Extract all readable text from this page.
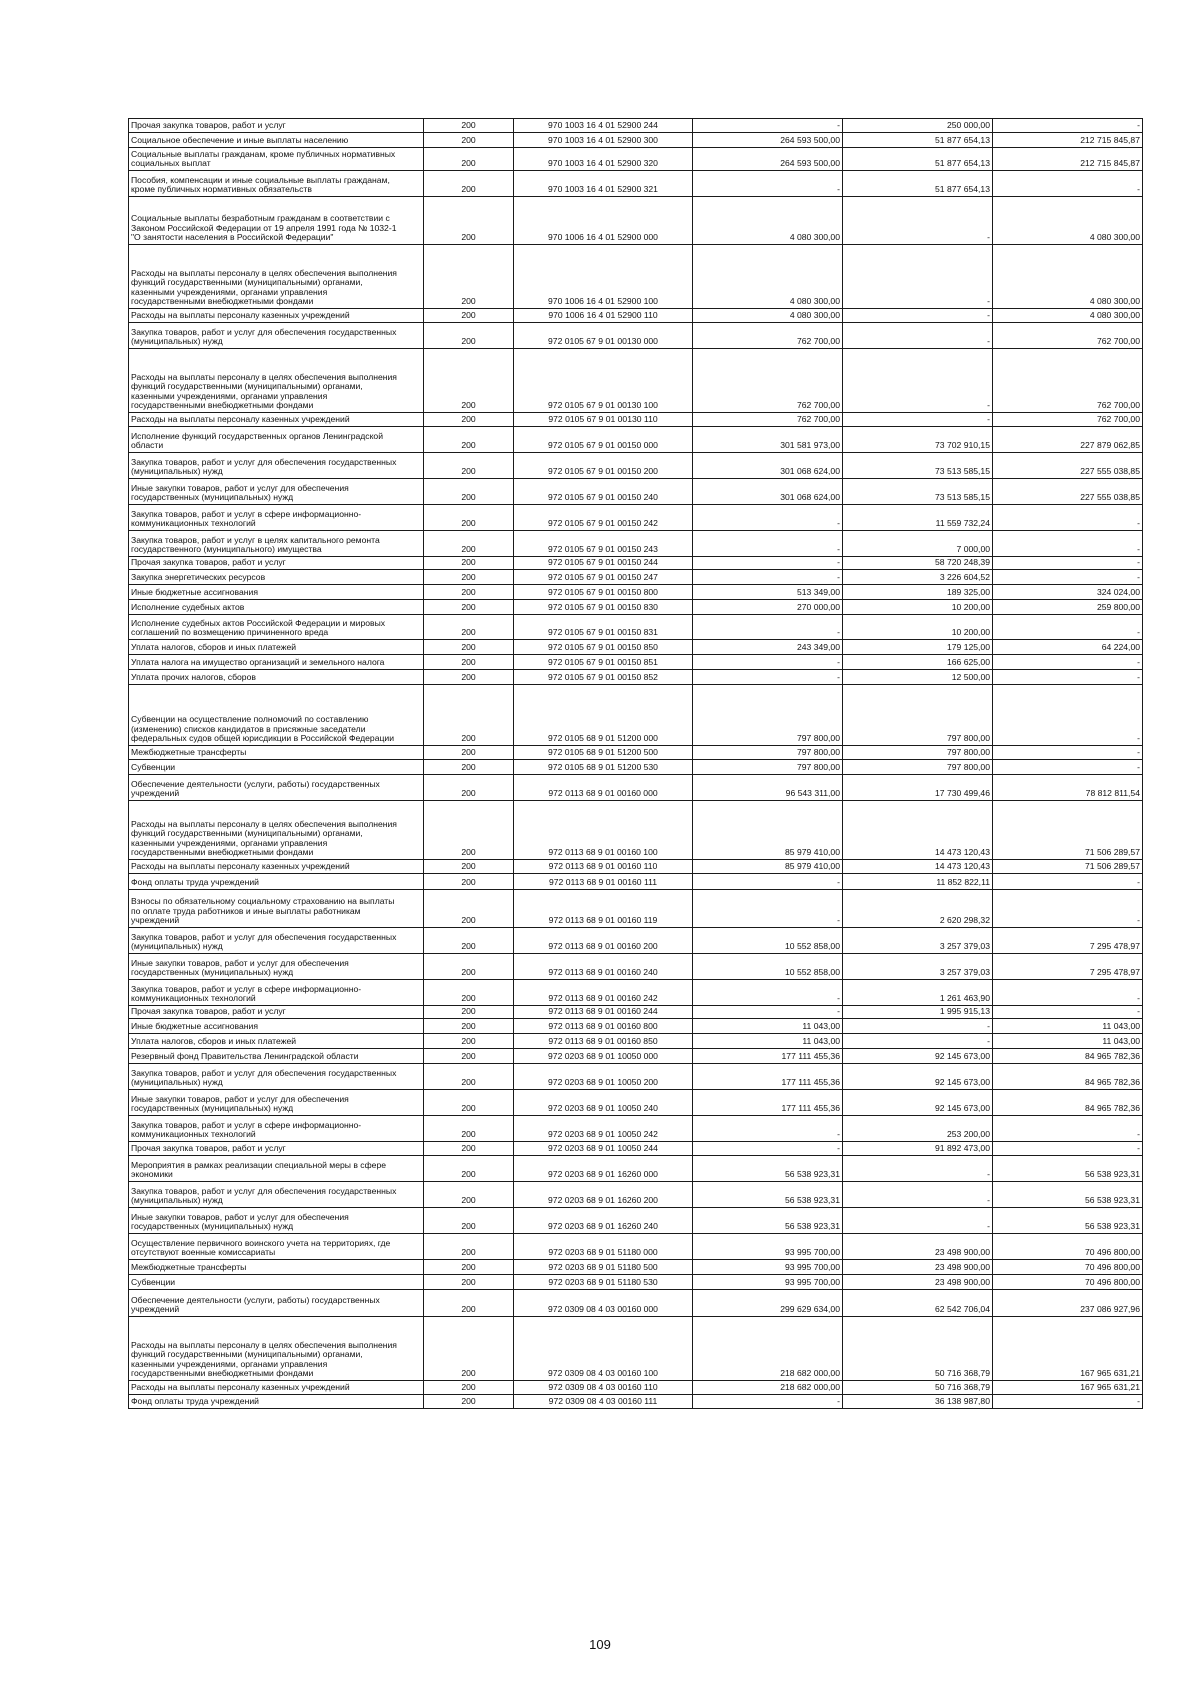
Прочая закупка товаров, работ и услуг	200	970 1003 16 4 01 52900 244	-	250 000,00	-
Социальное обеспечение и иные выплаты населению	200	970 1003 16 4 01 52900 300	264 593 500,00	51 877 654,13	212 715 845,87
Социальные выплаты гражданам, кроме публичных нормативных
социальных выплат	200	970 1003 16 4 01 52900 320	264 593 500,00	51 877 654,13	212 715 845,87
Пособия, компенсации и иные социальные выплаты гражданам,
кроме публичных нормативных обязательств	200	970 1003 16 4 01 52900 321	-	51 877 654,13	-
Социальные выплаты безработным гражданам в соответствии с
Законом Российской Федерации от 19 апреля 1991 года № 1032-1
"О занятости населения в Российской Федерации"	200	970 1006 16 4 01 52900 000	4 080 300,00	-	4 080 300,00
Расходы на выплаты персоналу в целях обеспечения выполнения
функций государственными (муниципальными) органами,
казенными учреждениями, органами управления
государственными внебюджетными фондами	200	970 1006 16 4 01 52900 100	4 080 300,00	-	4 080 300,00
Расходы на выплаты персоналу казенных учреждений	200	970 1006 16 4 01 52900 110	4 080 300,00	-	4 080 300,00
Закупка товаров, работ и услуг для обеспечения государственных
(муниципальных) нужд	200	972 0105 67 9 01 00130 000	762 700,00	-	762 700,00
Расходы на выплаты персоналу в целях обеспечения выполнения
функций государственными (муниципальными) органами,
казенными учреждениями, органами управления
государственными внебюджетными фондами	200	972 0105 67 9 01 00130 100	762 700,00	-	762 700,00
Расходы на выплаты персоналу казенных учреждений	200	972 0105 67 9 01 00130 110	762 700,00	-	762 700,00
Исполнение функций государственных органов Ленинградской
области	200	972 0105 67 9 01 00150 000	301 581 973,00	73 702 910,15	227 879 062,85
Закупка товаров, работ и услуг для обеспечения государственных
(муниципальных) нужд	200	972 0105 67 9 01 00150 200	301 068 624,00	73 513 585,15	227 555 038,85
Иные закупки товаров, работ и услуг для обеспечения
государственных (муниципальных) нужд	200	972 0105 67 9 01 00150 240	301 068 624,00	73 513 585,15	227 555 038,85
Закупка товаров, работ и услуг в сфере информационно-
коммуникационных технологий	200	972 0105 67 9 01 00150 242	-	11 559 732,24	-
Закупка товаров, работ и услуг в целях капитального ремонта
государственного (муниципального) имущества	200	972 0105 67 9 01 00150 243	-	7 000,00	-
Прочая закупка товаров, работ и услуг	200	972 0105 67 9 01 00150 244	-	58 720 248,39	-
Закупка энергетических ресурсов	200	972 0105 67 9 01 00150 247	-	3 226 604,52	-
Иные бюджетные ассигнования	200	972 0105 67 9 01 00150 800	513 349,00	189 325,00	324 024,00
Исполнение судебных актов	200	972 0105 67 9 01 00150 830	270 000,00	10 200,00	259 800,00
Исполнение судебных актов Российской Федерации и мировых
соглашений по возмещению причиненного вреда	200	972 0105 67 9 01 00150 831	-	10 200,00	-
Уплата налогов, сборов и иных платежей	200	972 0105 67 9 01 00150 850	243 349,00	179 125,00	64 224,00
Уплата налога на имущество организаций и земельного налога	200	972 0105 67 9 01 00150 851	-	166 625,00	-
Уплата прочих налогов, сборов	200	972 0105 67 9 01 00150 852	-	12 500,00	-
Субвенции на осуществление полномочий по составлению
(изменению) списков кандидатов в присяжные заседатели
федеральных судов общей юрисдикции в Российской Федерации	200	972 0105 68 9 01 51200 000	797 800,00	797 800,00	-
Межбюджетные трансферты	200	972 0105 68 9 01 51200 500	797 800,00	797 800,00	-
Субвенции	200	972 0105 68 9 01 51200 530	797 800,00	797 800,00	-
Обеспечение деятельности (услуги, работы) государственных
учреждений	200	972 0113 68 9 01 00160 000	96 543 311,00	17 730 499,46	78 812 811,54
Расходы на выплаты персоналу в целях обеспечения выполнения
функций государственными (муниципальными) органами,
казенными учреждениями, органами управления
государственными внебюджетными фондами	200	972 0113 68 9 01 00160 100	85 979 410,00	14 473 120,43	71 506 289,57
Расходы на выплаты персоналу казенных учреждений	200	972 0113 68 9 01 00160 110	85 979 410,00	14 473 120,43	71 506 289,57
Фонд оплаты труда учреждений	200	972 0113 68 9 01 00160 111	-	11 852 822,11	-
Взносы по обязательному социальному страхованию на выплаты
по оплате труда работников и иные выплаты работникам
учреждений	200	972 0113 68 9 01 00160 119	-	2 620 298,32	-
Закупка товаров, работ и услуг для обеспечения государственных
(муниципальных) нужд	200	972 0113 68 9 01 00160 200	10 552 858,00	3 257 379,03	7 295 478,97
Иные закупки товаров, работ и услуг для обеспечения
государственных (муниципальных) нужд	200	972 0113 68 9 01 00160 240	10 552 858,00	3 257 379,03	7 295 478,97
Закупка товаров, работ и услуг в сфере информационно-
коммуникационных технологий	200	972 0113 68 9 01 00160 242	-	1 261 463,90	-
Прочая закупка товаров, работ и услуг	200	972 0113 68 9 01 00160 244	-	1 995 915,13	-
Иные бюджетные ассигнования	200	972 0113 68 9 01 00160 800	11 043,00	-	11 043,00
Уплата налогов, сборов и иных платежей	200	972 0113 68 9 01 00160 850	11 043,00	-	11 043,00
Резервный фонд Правительства Ленинградской области	200	972 0203 68 9 01 10050 000	177 111 455,36	92 145 673,00	84 965 782,36
Закупка товаров, работ и услуг для обеспечения государственных
(муниципальных) нужд	200	972 0203 68 9 01 10050 200	177 111 455,36	92 145 673,00	84 965 782,36
Иные закупки товаров, работ и услуг для обеспечения
государственных (муниципальных) нужд	200	972 0203 68 9 01 10050 240	177 111 455,36	92 145 673,00	84 965 782,36
Закупка товаров, работ и услуг в сфере информационно-
коммуникационных технологий	200	972 0203 68 9 01 10050 242	-	253 200,00	-
Прочая закупка товаров, работ и услуг	200	972 0203 68 9 01 10050 244	-	91 892 473,00	-
Мероприятия в рамках реализации специальной меры в сфере
экономики	200	972 0203 68 9 01 16260 000	56 538 923,31	-	56 538 923,31
Закупка товаров, работ и услуг для обеспечения государственных
(муниципальных) нужд	200	972 0203 68 9 01 16260 200	56 538 923,31	-	56 538 923,31
Иные закупки товаров, работ и услуг для обеспечения
государственных (муниципальных) нужд	200	972 0203 68 9 01 16260 240	56 538 923,31	-	56 538 923,31
Осуществление первичного воинского учета на территориях, где
отсутствуют военные комиссариаты	200	972 0203 68 9 01 51180 000	93 995 700,00	23 498 900,00	70 496 800,00
Межбюджетные трансферты	200	972 0203 68 9 01 51180 500	93 995 700,00	23 498 900,00	70 496 800,00
Субвенции	200	972 0203 68 9 01 51180 530	93 995 700,00	23 498 900,00	70 496 800,00
Обеспечение деятельности (услуги, работы) государственных
учреждений	200	972 0309 08 4 03 00160 000	299 629 634,00	62 542 706,04	237 086 927,96
Расходы на выплаты персоналу в целях обеспечения выполнения
функций государственными (муниципальными) органами,
казенными учреждениями, органами управления
государственными внебюджетными фондами	200	972 0309 08 4 03 00160 100	218 682 000,00	50 716 368,79	167 965 631,21
Расходы на выплаты персоналу казенных учреждений	200	972 0309 08 4 03 00160 110	218 682 000,00	50 716 368,79	167 965 631,21
Фонд оплаты труда учреждений	200	972 0309 08 4 03 00160 111	-	36 138 987,80	-
109
